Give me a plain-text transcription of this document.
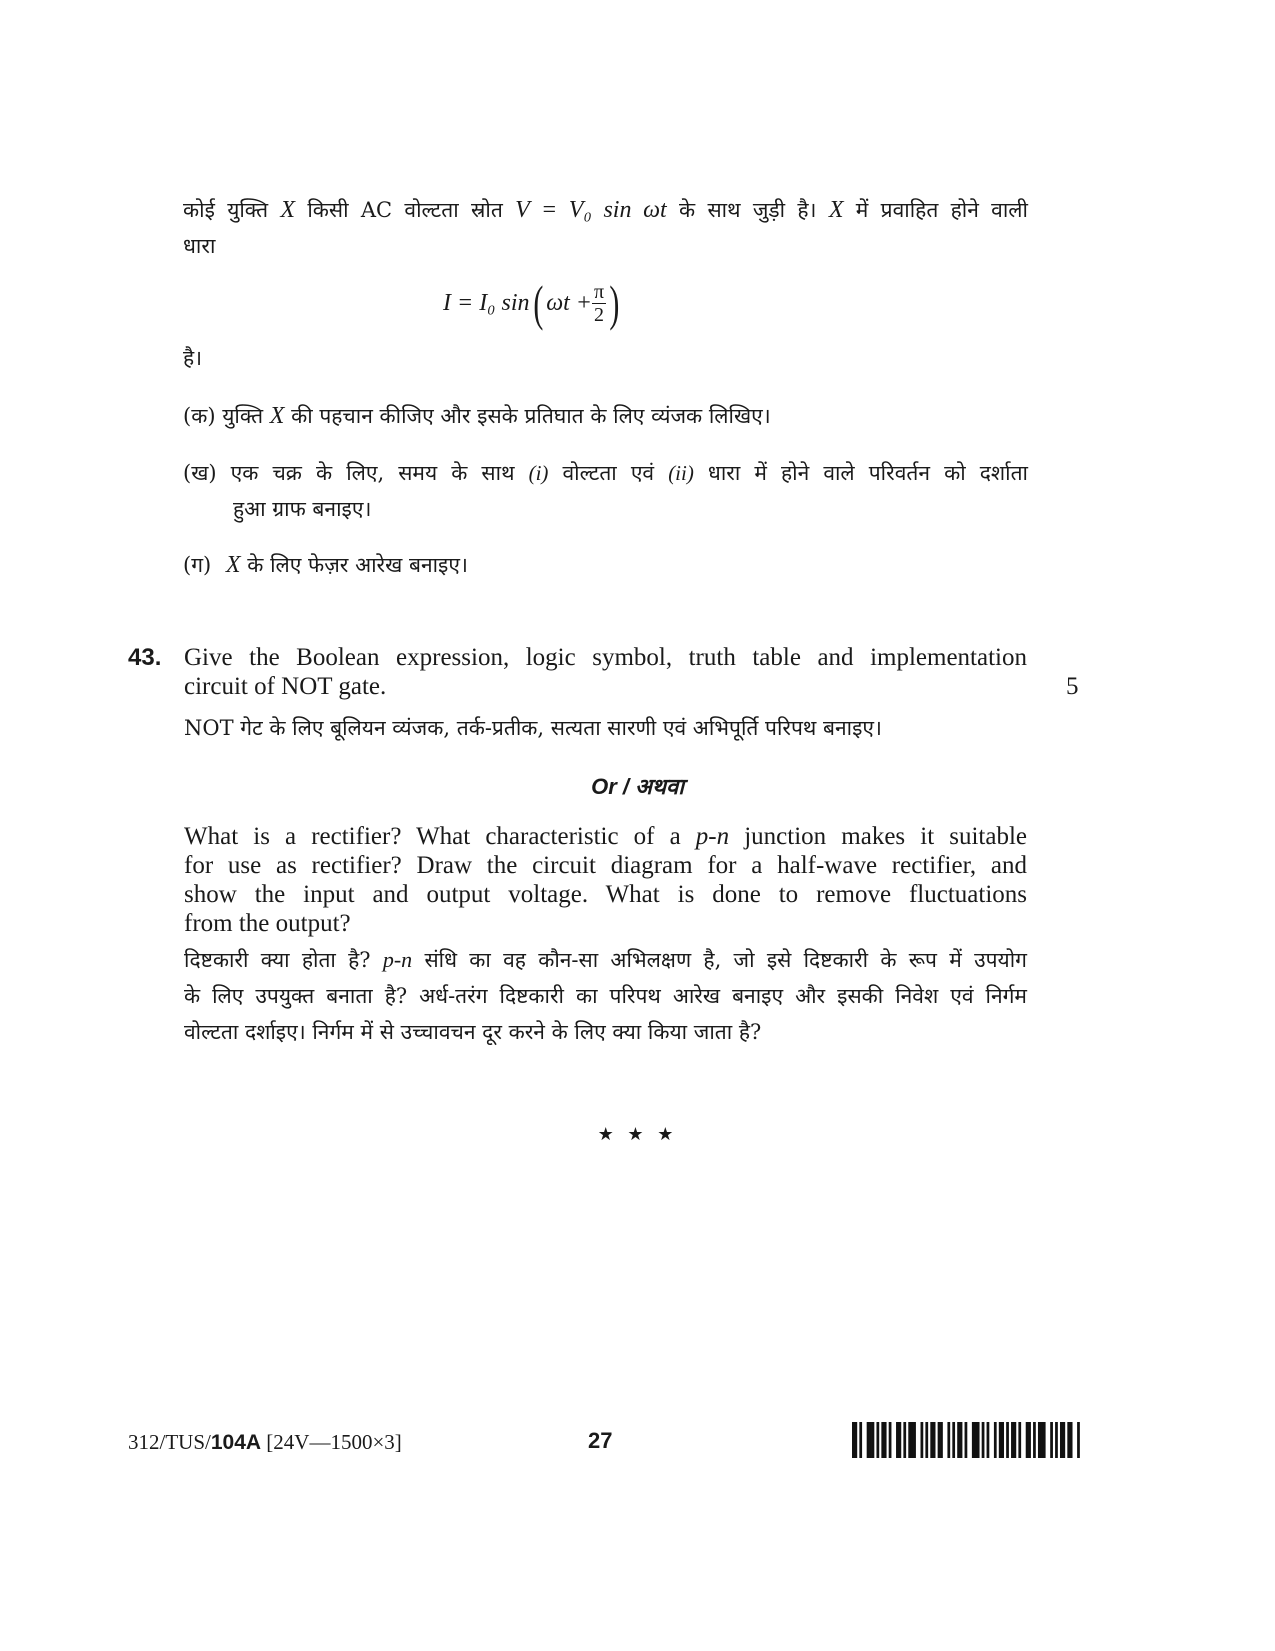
कोई युक्ति X किसी AC वोल्टता स्रोत V = V₀ sin ωt के साथ जुड़ी है। X में प्रवाहित होने वाली
धारा
I = I₀ sin ( $\omega t + \frac{\pi}{2}$ )
है।
(क) युक्ति X की पहचान कीजिए और इसके प्रतिघात के लिए व्यंजक लिखिए।
(ख) एक चक्र के लिए, समय के साथ (i) वोल्टता एवं (ii) धारा में होने वाले परिवर्तन को दर्शाता
हुआ ग्राफ बनाइए।
(ग) X के लिए फेज़र आरेख बनाइए।
43. Give the Boolean expression, logic symbol, truth table and implementation
circuit of NOT gate.	5
NOT गेट के लिए बूलियन व्यंजक, तर्क-प्रतीक, सत्यता सारणी एवं अभिपूर्ति परिपथ बनाइए।
Or / अथवा
What is a rectifier? What characteristic of a p-n junction makes it suitable
for use as rectifier? Draw the circuit diagram for a half-wave rectifier, and
show the input and output voltage. What is done to remove fluctuations
from the output?
दिष्टकारी क्या होता है? p-n संधि का वह कौन-सा अभिलक्षण है, जो इसे दिष्टकारी के रूप में उपयोग
के लिए उपयुक्त बनाता है? अर्ध-तरंग दिष्टकारी का परिपथ आरेख बनाइए और इसकी निवेश एवं निर्गम
वोल्टता दर्शाइए। निर्गम में से उच्चावचन दूर करने के लिए क्या किया जाता है?
★ ★ ★
312/TUS/104A [24V—1500×3]	27
